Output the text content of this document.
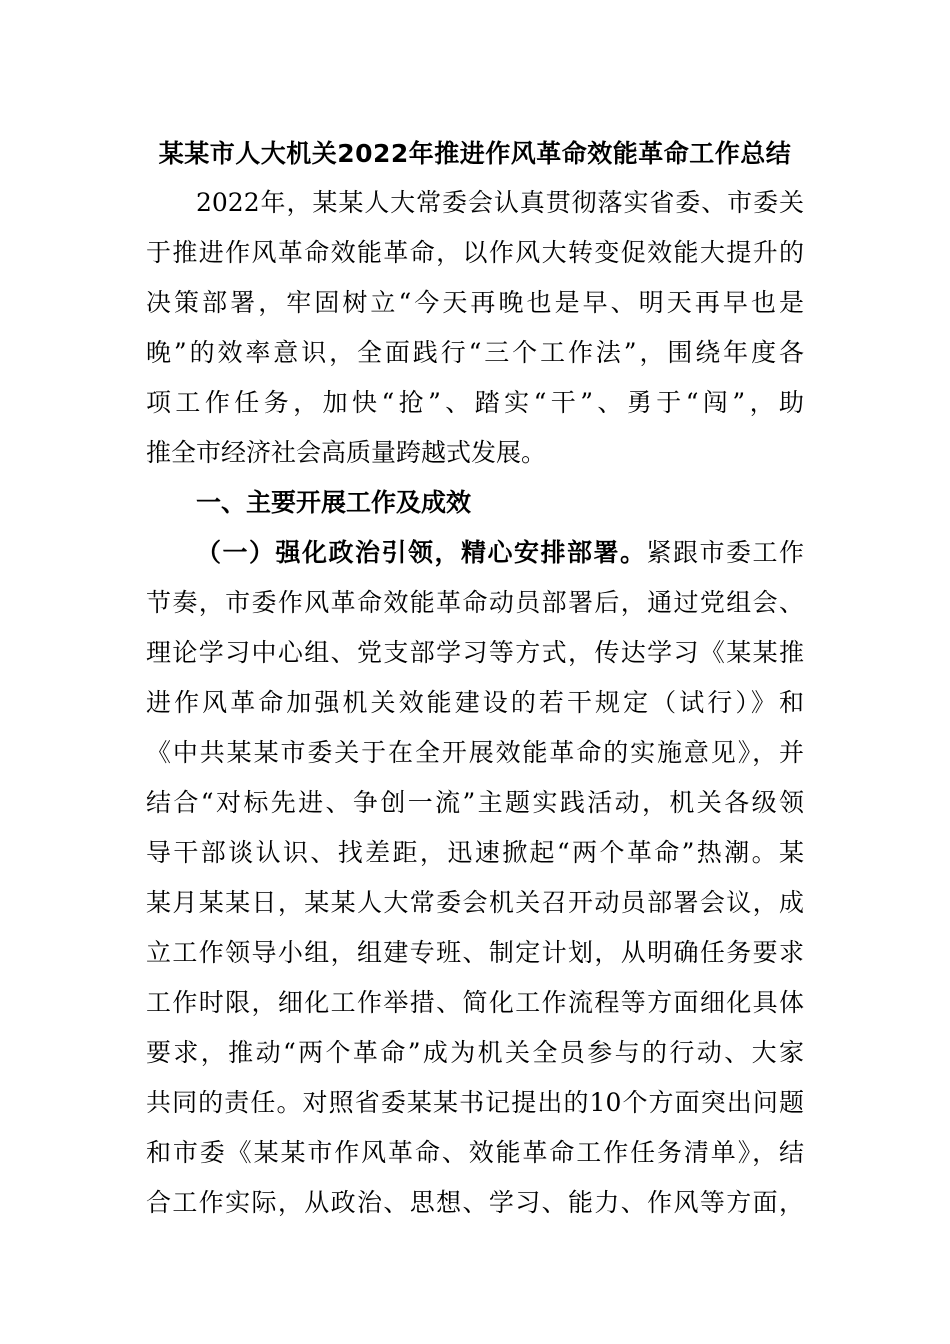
某某市人大机关2022年推进作风革命效能革命工作总结
2022年，某某人大常委会认真贯彻落实省委、市委关
于推进作风革命效能革命，以作风大转变促效能大提升的
决策部署，牢固树立“今天再晚也是早、明天再早也是
晚”的效率意识，全面践行“三个工作法”，围绕年度各
项工作任务，加快“抢”、踏实“干”、勇于“闯”，助
推全市经济社会高质量跨越式发展。
一、主要开展工作及成效
（一）强化政治引领，精心安排部署。紧跟市委工作
节奏，市委作风革命效能革命动员部署后，通过党组会、
理论学习中心组、党支部学习等方式，传达学习《某某推
进作风革命加强机关效能建设的若干规定（试行）》和
《中共某某市委关于在全开展效能革命的实施意见》，并
结合“对标先进、争创一流”主题实践活动，机关各级领
导干部谈认识、找差距，迅速掀起“两个革命”热潮。某
某月某某日，某某人大常委会机关召开动员部署会议，成
立工作领导小组，组建专班、制定计划，从明确任务要求
工作时限，细化工作举措、简化工作流程等方面细化具体
要求，推动“两个革命”成为机关全员参与的行动、大家
共同的责任。对照省委某某书记提出的10个方面突出问题
和市委《某某市作风革命、效能革命工作任务清单》，结
合工作实际，从政治、思想、学习、能力、作风等方面，
